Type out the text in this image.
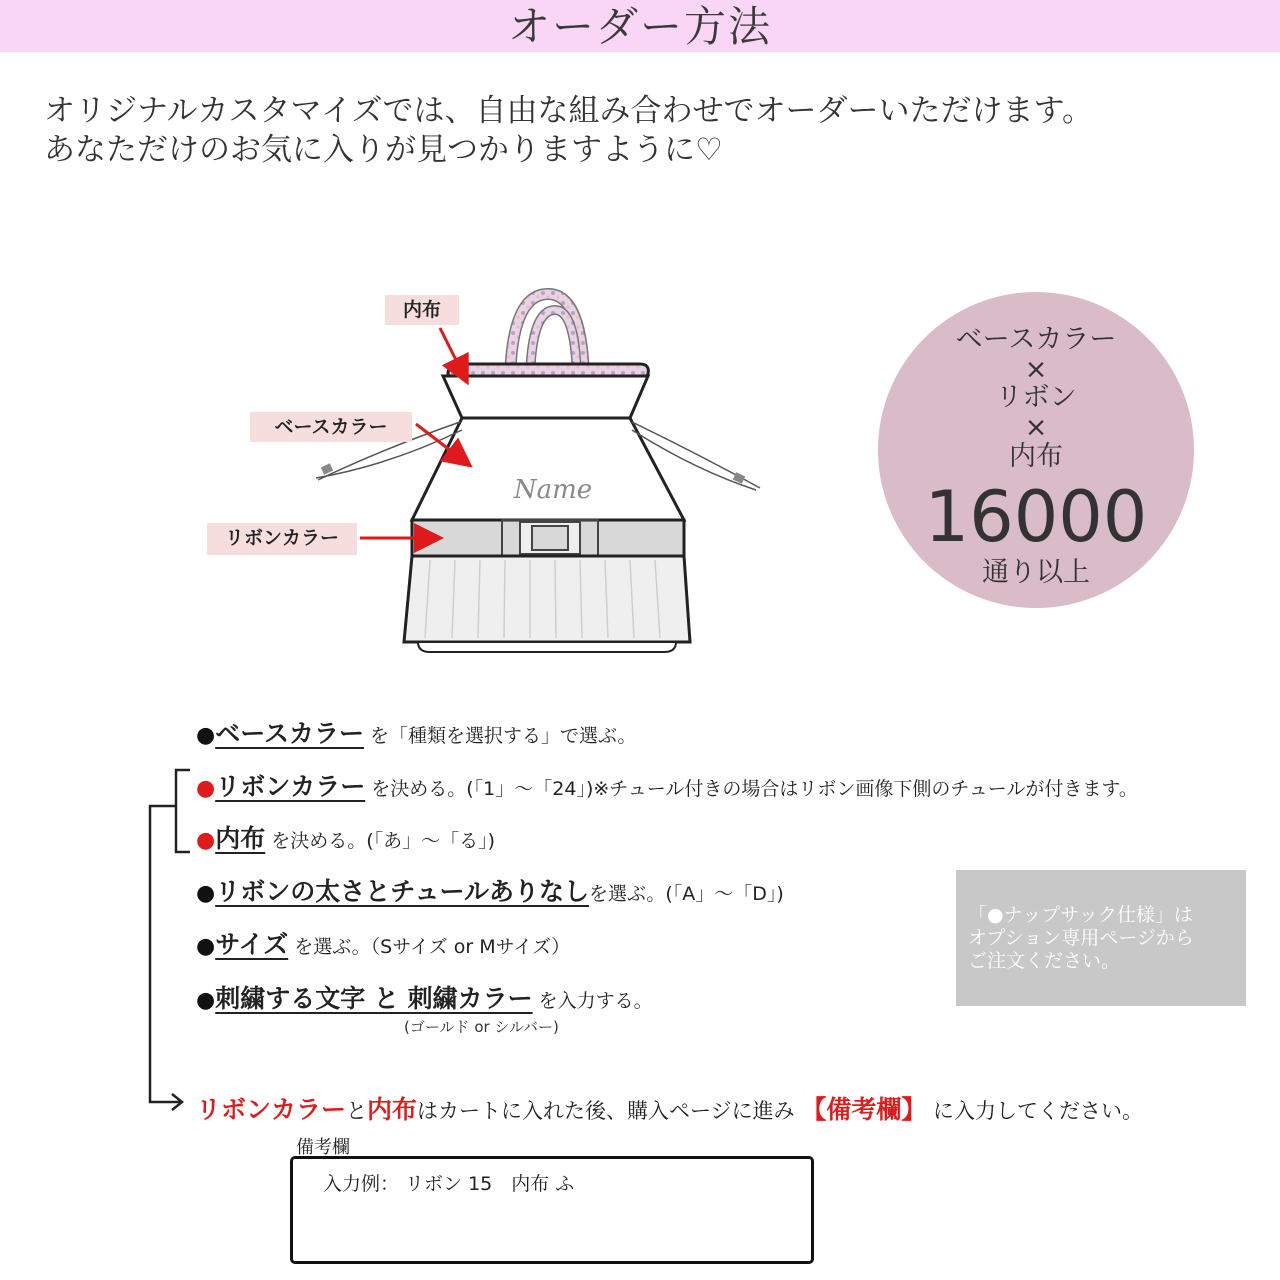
オーダー方法
オリジナルカスタマイズでは、自由な組み合わせでオーダーいただけます。
あなただけのお気に入りが見つかりますように♡
Name
内布
ベースカラー
リボンカラー
ベースカラー
×
リボン
×
内布
16000
通り以上
●ベースカラー を「種類を選択する」で選ぶ。
●リボンカラー を決める。(「1」〜「24」)※チュール付きの場合はリボン画像下側のチュールが付きます。
●内布 を決める。(「あ」〜「る」)
●リボンの太さとチュールありなしを選ぶ。(「A」〜「D」)
●サイズ を選ぶ。（Sサイズ or Mサイズ）
●刺繍する文字 と 刺繍カラー を入力する。
(ゴールド or シルバー)
「●ナップサック仕様」は
オプション専用ページから
ご注文ください。
リボンカラーと内布はカートに入れた後、購入ページに進み 【備考欄】 に入力してください。
備考欄
入力例： リボン 15　内布 ふ
